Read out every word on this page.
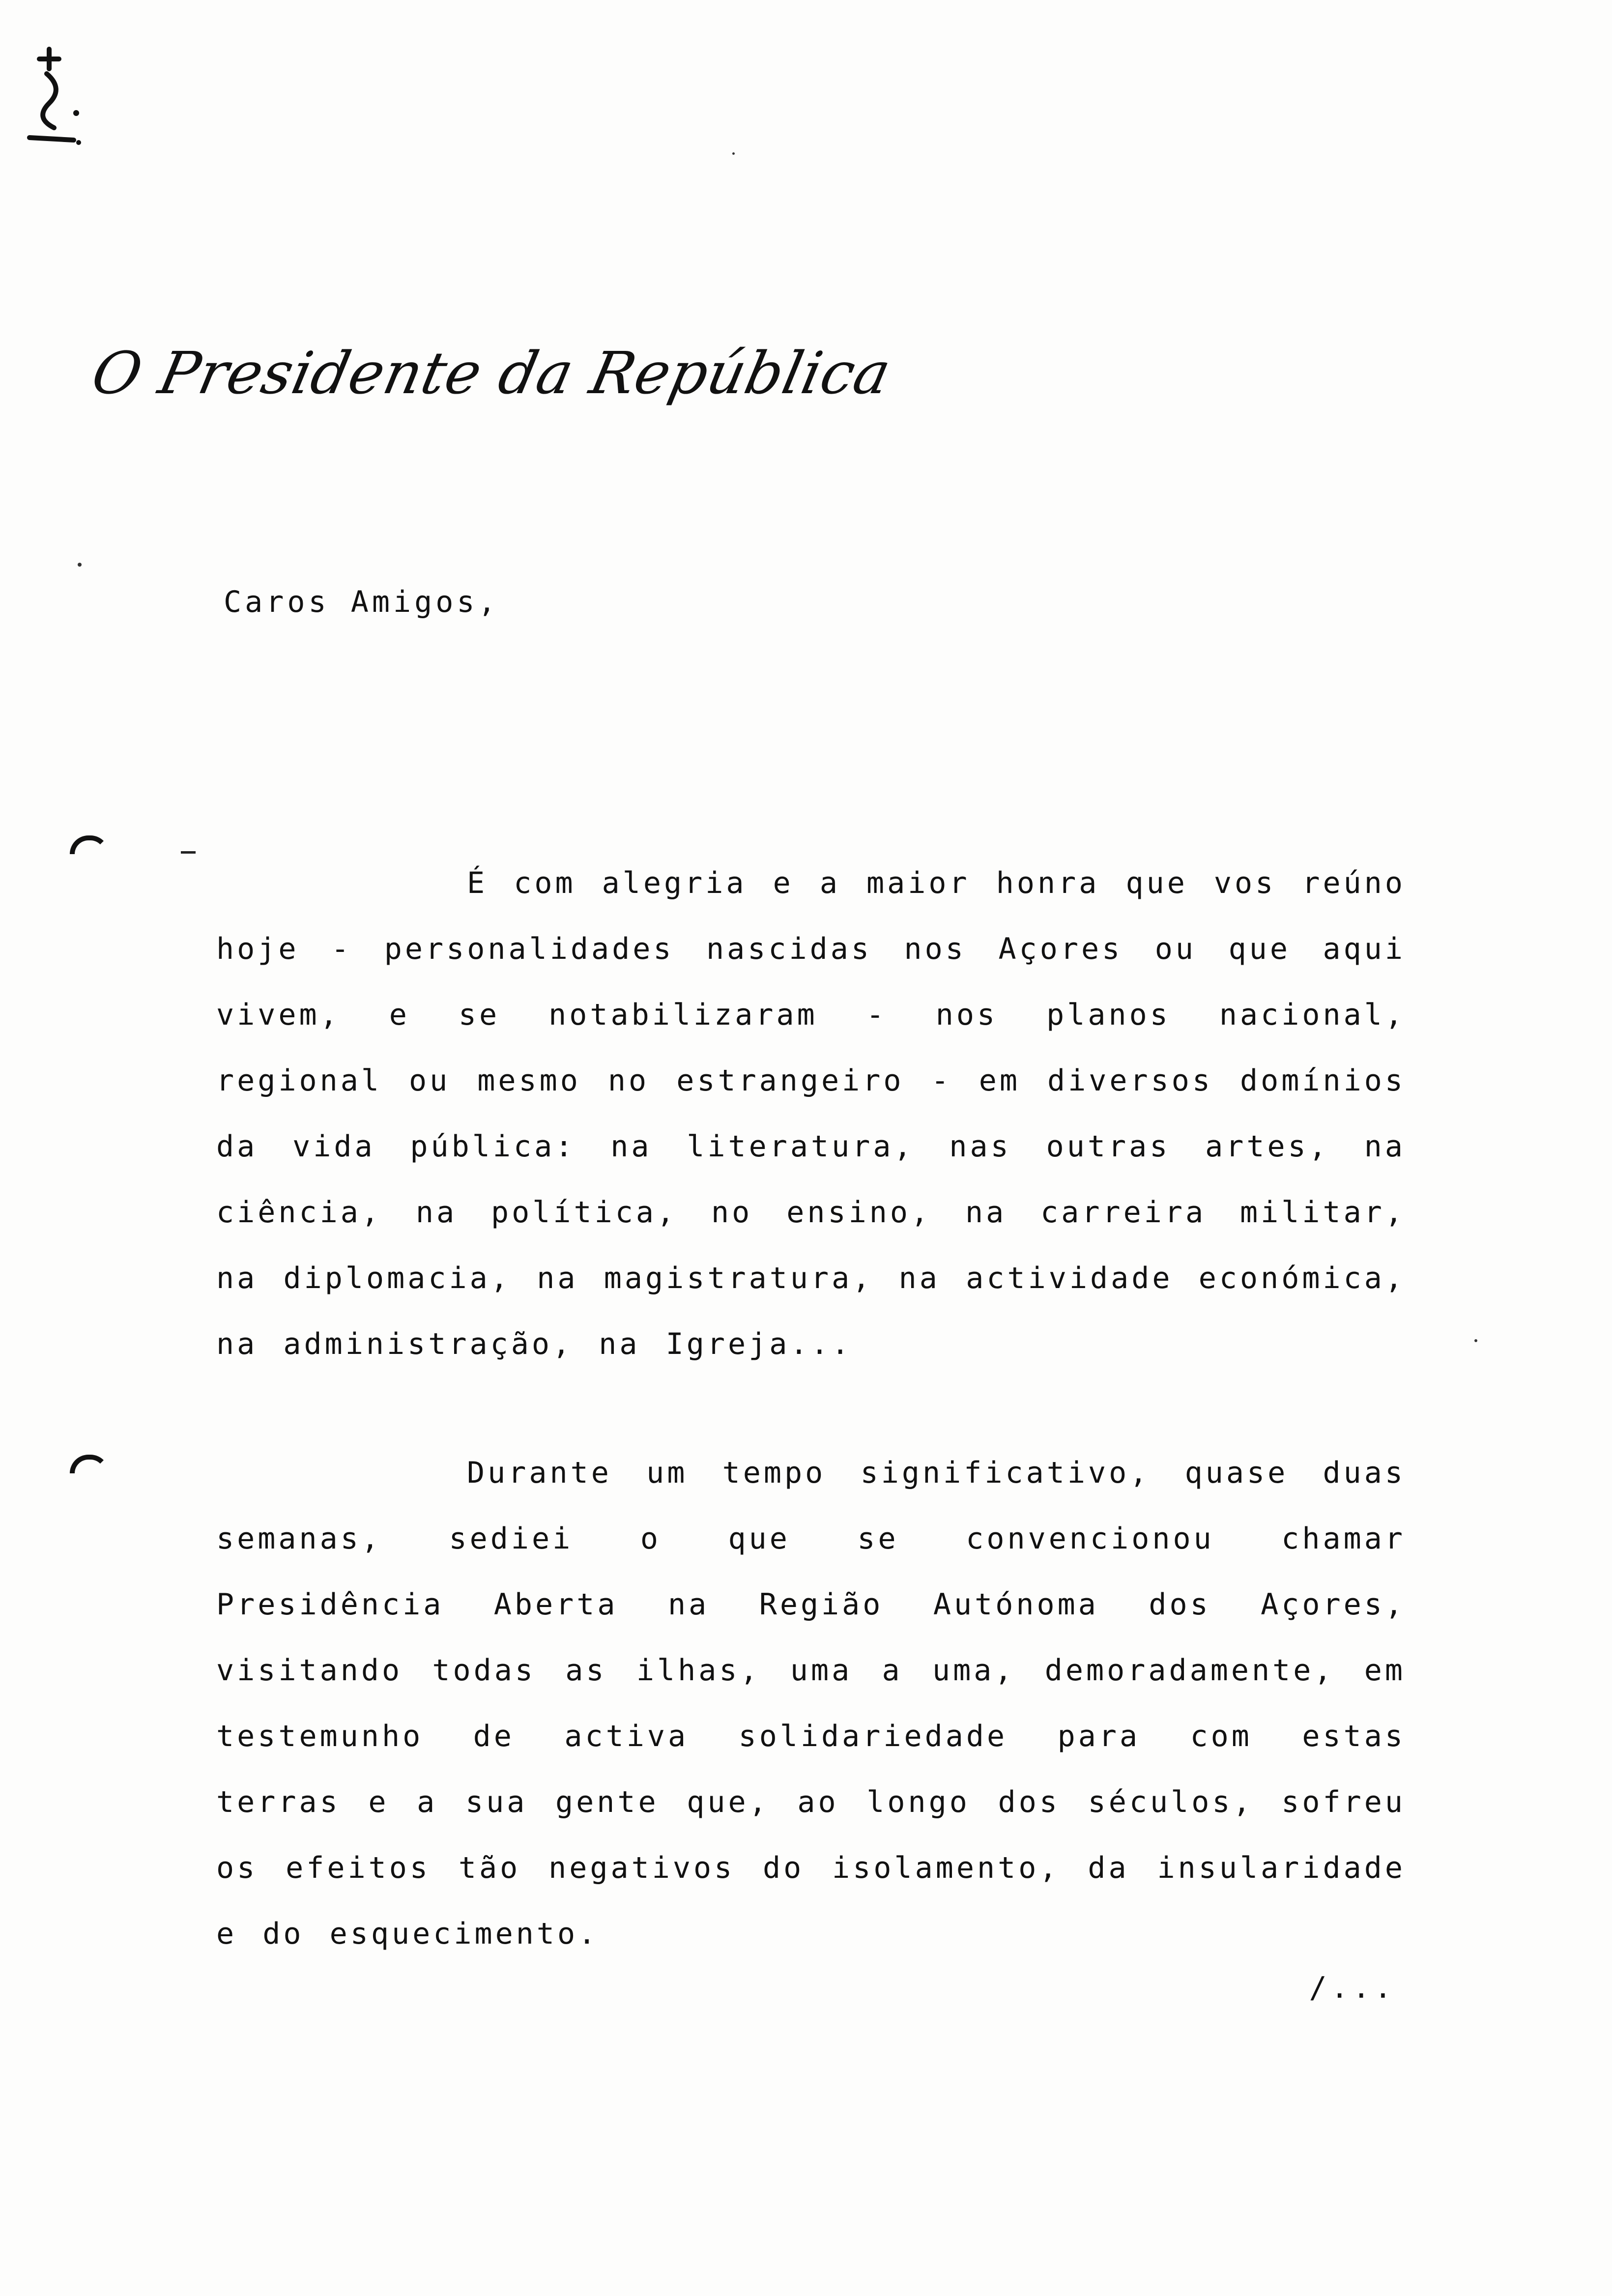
O Presidente da República
Caros Amigos,
É com alegria e a maior honra que vos reúno hoje - personalidades nascidas nos Açores ou que aqui vivem, e se notabilizaram - nos planos nacional, regional ou mesmo no estrangeiro - em diversos domínios da vida pública: na literatura, nas outras artes, na ciência, na política, no ensino, na carreira militar, na diplomacia, na magistratura, na actividade económica, na administração, na Igreja...
Durante um tempo significativo, quase duas semanas, sediei o que se convencionou chamar Presidência Aberta na Região Autónoma dos Açores, visitando todas as ilhas, uma a uma, demoradamente, em testemunho de activa solidariedade para com estas terras e a sua gente que, ao longo dos séculos, sofreu os efeitos tão negativos do isolamento, da insularidade e do esquecimento.
/...
